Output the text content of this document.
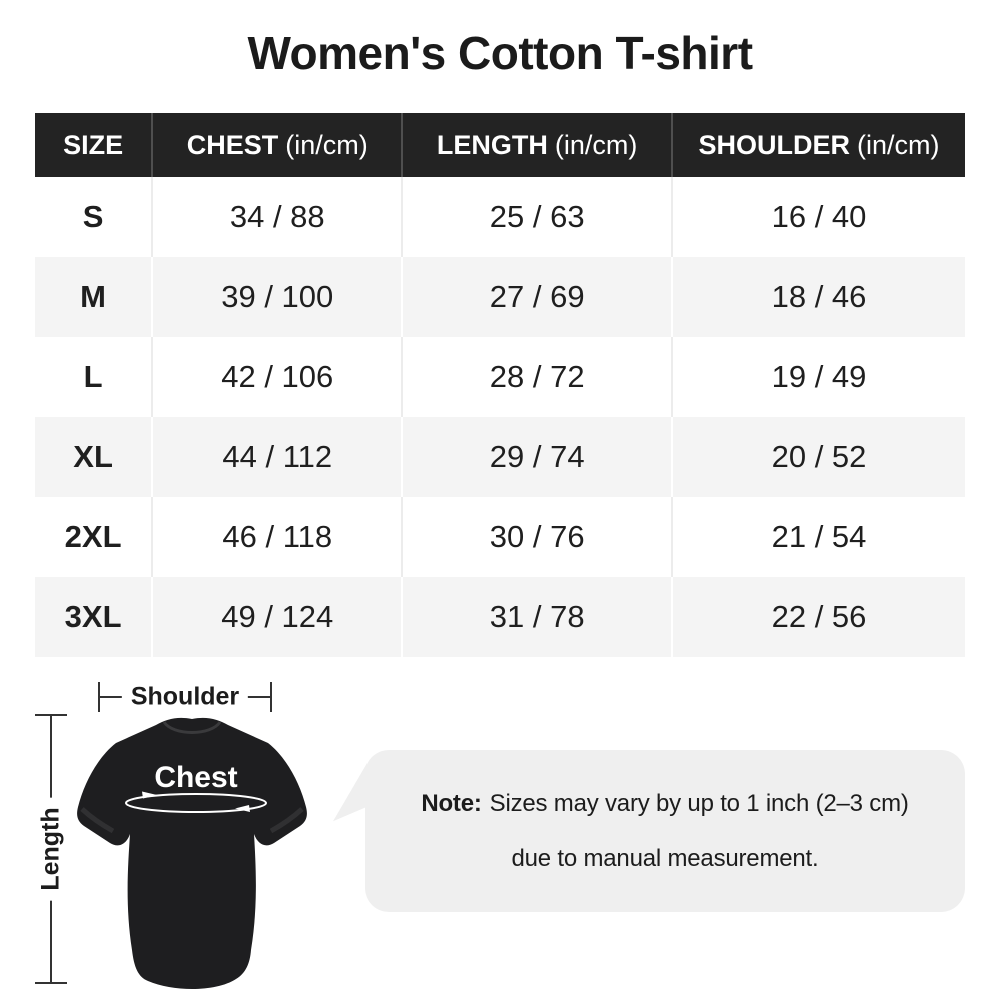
Women's Cotton T-shirt
SIZE	CHEST (in/cm)	LENGTH (in/cm)	SHOULDER (in/cm)
S	34 / 88	25 / 63	16 / 40
M	39 / 100	27 / 69	18 / 46
L	42 / 106	28 / 72	19 / 49
XL	44 / 112	29 / 74	20 / 52
2XL	46 / 118	30 / 76	21 / 54
3XL	49 / 124	31 / 78	22 / 56
Shoulder
Length
Chest
Note: Sizes may vary by up to 1 inch (2–3 cm)
due to manual measurement.
